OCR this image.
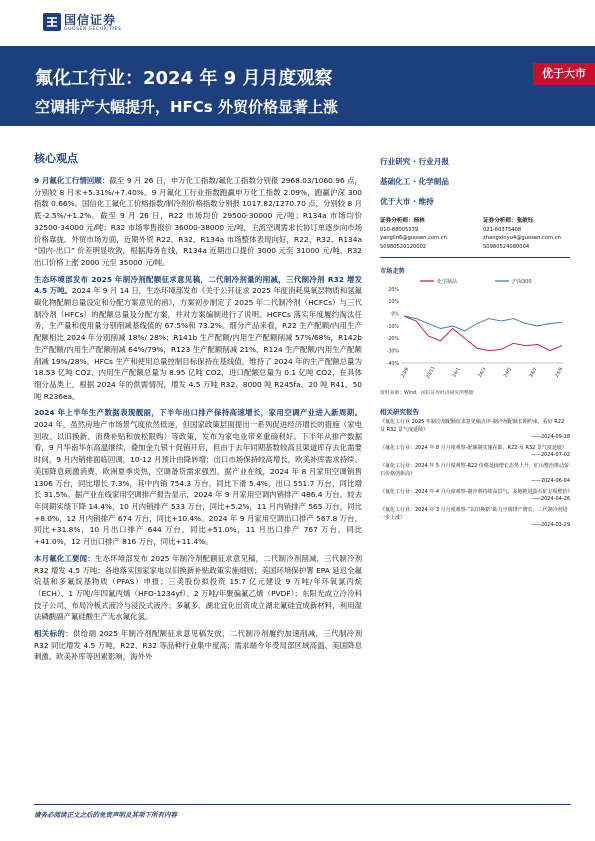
国信证券
GUOSEN SECURITIES
氟化工行业：2024 年 9 月月度观察
空调排产大幅提升，HFCs 外贸价格显著上涨
优于大市
核心观点

9 月氟化工行情回顾：截至 9 月 26 日，申万化工指数/氟化工指数分别报 2968.03/1060.96 点，分别较 8 月末+5.31%/+7.40%。9 月氟化工行业指数跑赢申万化工指数 2.09%，跑赢沪深 300 指数 0.66%。国信化工氟化工价格指数/制冷剂价格指数分别报 1017.82/1270.70 点，分别较 8 月底-2.5%/+1.2%。截至 9 月 26 日，R22 市场均价 29500-30000 元/吨；R134a 市场均价 32500-34000 元/吨；R32 市场零售报价 36000-38000 元/吨，主流空调需求长协订单逐步向市场价格靠拢。外贸市场方面，近期外贸 R22、R32、R134a 市场整体表现向好，R22、R32、R134a “国内-出口” 价差明显收敛，根据海务在线，R134a 近期出口提价 3000 元至 31000 元/吨，R32 出口价格上涨 2000 元至 35000 元/吨。

生态环境部发布 2025 年制冷剂配额征求意见稿，二代制冷剂量的削减，三代制冷剂 R32 增发 4.5 万吨。2024 年 9 月 14 日，生态环境部发布《关于公开征求 2025 年度消耗臭氧层物质和氢氟碳化物配额总量设定和分配方案意见的函》，方案初步制定了 2025 年二代制冷剂（HCFCs）与三代制冷剂（HFCs）的配额总量及分配方案，并对方案编制进行了说明。HCFCs 落实年度履约淘汰任务，生产量和使用量分别削减基线值的 67.5%和 73.2%。细分产品来看，R22 生产配额/内用生产配额相比 2024 年分别削减 18%/ 28%；R141b 生产配额/内用生产配额削减 57%/68%，R142b 生产配额/内用生产配额削减 64%/79%，R123 生产配额削减 21%，R124 生产配额/内用生产配额削减 19%/28%。HFCs 生产和使用总量控制目标保持在基线值，维持了 2024 年的生产配额总量为 18.53 亿吨 CO2、内用生产配额总量为 8.95 亿吨 CO2，进口配额总量为 0.1 亿吨 CO2，在具体细分品类上，根据 2024 年的供需情况，增发 4.5 万吨 R32、8000 吨 R245fa、20 吨 R41、50 吨 R236ea。

2024 年上半年生产数据表现靓丽，下半年出口排产保持高速增长，家用空调产业进入新周期。2024 年，虽然房地产市场景气度依然低迷，但国家政策层面提出一系列促进经济增长的措施（家电回收、以旧换新、消费补贴和放松限购）等政策，发布为家电业带来重磅利好。下半年从排产数据看，9 月华南华东高温继续，叠加金九银十促销开启，但由于去年同期基数较高且渠道库存去化需要时间，9 月内销排面临回调，10-12 月预计由降转增；出口市场保持较高增长，欧美补库需求持续、美国降息刺激消费，欧洲夏季炎热，空调备货需求强烈。据产业在线，2024 年 8 月家用空调销售 1306 万台，同比增长 7.3%，其中内销 754.3 万台，同比下滑 5.4%，出口 551.7 万台，同比增长 31.5%。据产业在线家用空调排产报告显示，2024 年 9 月家用空调内销排产 486.4 万台，较去年同期实绩下降 14.4%，10 月内销排产 533 万台，同比+5.2%，11 月内销排产 565 万台，同比+8.0%，12 月内销排产 674 万台，同比+10.4%。2024 年 9 月家用空调出口排产 567.8 万台，同比+31.8%，10 月出口排产 644 万台，同比+51.0%，11 月出口排产 767 万台，同比+41.0%，12 月出口排产 816 万台，同比+11.4%。

本月氟化工要闻：生态环境部发布 2025 年制冷剂配额征求意见稿，二代制冷剂削减，三代制冷剂 R32 增发 4.5 万吨；各地落实国家家电以旧换新补贴政策实施细则；美国环境保护署 EPA 延迟全氟烷基和多氟烷基物质（PFAS）申报；三美股份拟投资 15.7 亿元建设 9 万吨/年环氧氯丙烷（ECH）、1 万吨/年四氟丙烯（HFO-1234yf）、2 万吨/年聚偏氟乙烯（PVDF）；东阳光成立冷冷科技子公司，布局冷板式液冷与浸没式液冷；多氟多、湖北宜化出资成立湖北氟硅宜成新材料，利用湿法磷酸副产氟硅酸生产无水氟化氢。

相关标的：供给端 2025 年制冷剂配额征求意见稿发放，二代制冷剂履约加速削减，三代制冷剂 R32 同比增发 4.5 万吨，R22、R32 等品种行业集中度高；需求端今年受局部区域高温、美国降息刺激、欧美补库等因素影响，海外外

行业研究 · 行业月报
基础化工 · 化学制品
优于大市 · 维持
证券分析师：杨林
010-88005379
yanglin6@guosen.com.cn
S0980520120002
证券分析师：张歆钰
021-60375408
zhangxinyu4@guosen.com.cn
S0980524080004
市场走势
化学制品	沪深300
20%
10%
0%
-10%
-20%
-30%
-40%
23/9	23/11	24/1	24/3	24/5	24/7	24/9
资料来源：Wind、国信证券经济研究所整理
相关研究报告
《氟化工行业 2025 年制冷剂配额征求意见稿点评-制冷剂配额长期约束，看好 R22 及 R32 景气度延续》
——2024-09-18
《氟化工行业：2024 年 8 月月度观察-配额制实施在即，R22 及 R32 景气度延续》
——2024-07-02
《氟化工行业：2024 年 5 月月度观察-R22 价格延续增长态势上升，矿山整治推动萤石价格创新高》
——2024-06-04
《氟化工行业：2024 年 4 月月度观察-制冷剂持续高景气，多地推进萤石矿专项整治》
——2024-04-26
《氟化工行业：2024 年 3 月月度观察-“以旧换新”助力空调排产增长，三代制冷剂进一步上涨》
——2024-03-29
请务必阅读正文之后的免责声明及其项下所有内容
